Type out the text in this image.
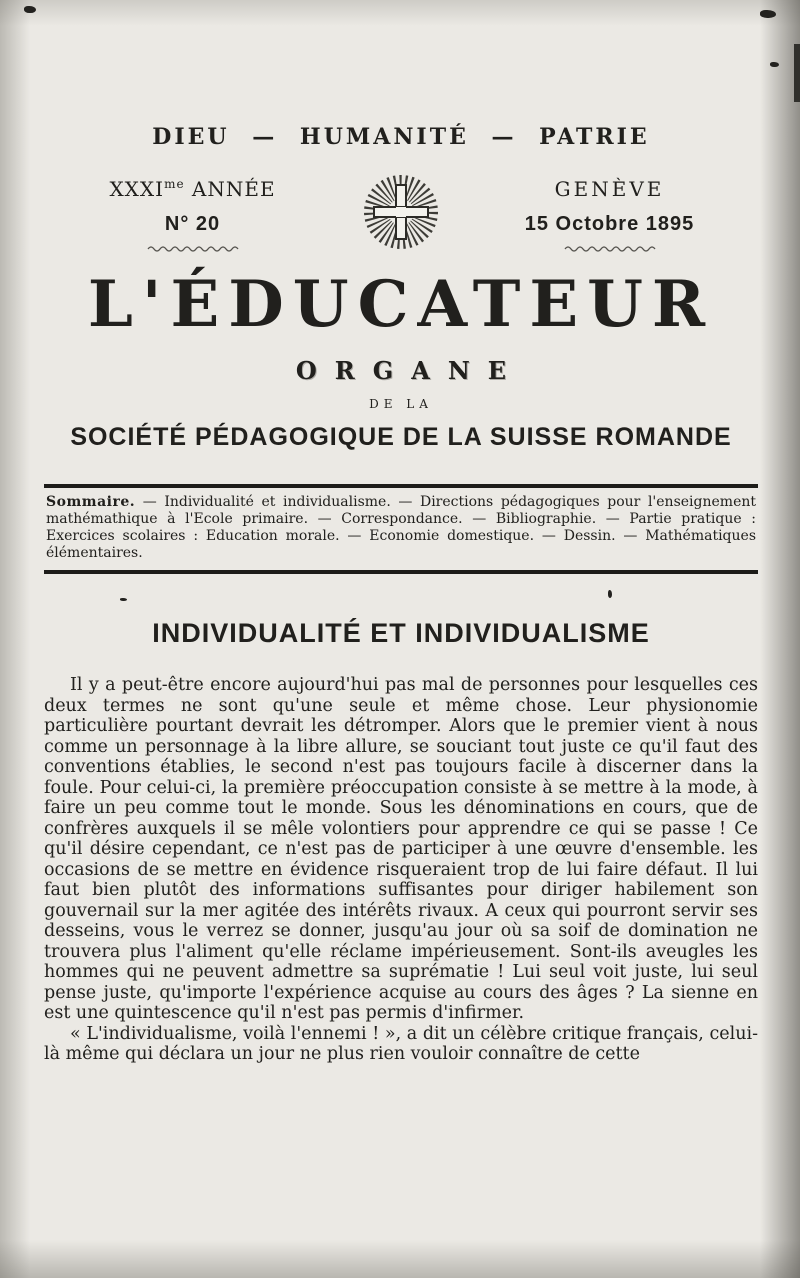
DIEU — HUMANITÉ — PATRIE
$XXXI^{me}$ ANNÉE
N° 20
GENÈVE
15 Octobre 1895
L'ÉDUCATEUR
ORGANE
DE LA
SOCIÉTÉ PÉDAGOGIQUE DE LA SUISSE ROMANDE
Sommaire. — Individualité et individualisme. — Directions pédagogiques pour l'enseignement mathémathique à l'Ecole primaire. — Correspondance. — Bibliographie. — Partie pratique : Exercices scolaires : Education morale. — Economie domestique. — Dessin. — Mathématiques élémentaires.
INDIVIDUALITÉ ET INDIVIDUALISME

Il y a peut-être encore aujourd'hui pas mal de personnes pour lesquelles ces deux termes ne sont qu'une seule et même chose. Leur physionomie particulière pourtant devrait les détromper. Alors que le premier vient à nous comme un personnage à la libre allure, se souciant tout juste ce qu'il faut des conventions établies, le second n'est pas toujours facile à discerner dans la foule. Pour celui-ci, la première préoccupation consiste à se mettre à la mode, à faire un peu comme tout le monde. Sous les dénominations en cours, que de confrères auxquels il se mêle volontiers pour apprendre ce qui se passe ! Ce qu'il désire cependant, ce n'est pas de participer à une œuvre d'ensemble. les occasions de se mettre en évidence risqueraient trop de lui faire défaut. Il lui faut bien plutôt des informations suffisantes pour diriger habilement son gouvernail sur la mer agitée des intérêts rivaux. A ceux qui pourront servir ses desseins, vous le verrez se donner, jusqu'au jour où sa soif de domination ne trouvera plus l'aliment qu'elle réclame impérieusement. Sont-ils aveugles les hommes qui ne peuvent admettre sa suprématie ! Lui seul voit juste, lui seul pense juste, qu'importe l'expérience acquise au cours des âges ? La sienne en est une quintescence qu'il n'est pas permis d'infirmer.

« L'individualisme, voilà l'ennemi ! », a dit un célèbre critique français, celui-là même qui déclara un jour ne plus rien vouloir connaître de cette
